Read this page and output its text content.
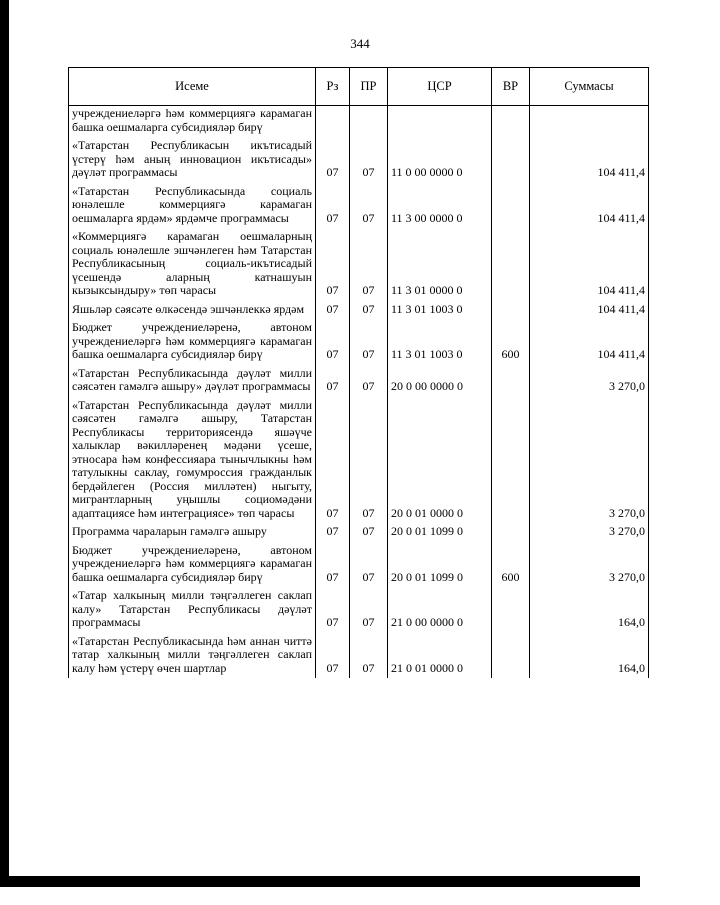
344
Исеме	Рз	ПР	ЦСР	ВР	Суммасы
учреждениеләргә һәм коммерциягә карамаган башка оешмаларга субсидияләр бирү					
«Татарстан Республикасын икътисадый үстерү һәм аның инновацион икътисады» дәүләт программасы	07	07	11 0 00 0000 0		104 411,4
«Татарстан Республикасында социаль юнәлешле коммерциягә карамаган оешмаларга ярдәм» ярдәмче программасы	07	07	11 3 00 0000 0		104 411,4
«Коммерциягә карамаган оешмаларның социаль юнәлешле эшчәнлеген һәм Татарстан Республикасының социаль-икътисадый үсешендә аларның катнашуын кызыксындыру» төп чарасы	07	07	11 3 01 0000 0		104 411,4
Яшьләр сәясәте өлкәсендә эшчәнлеккә ярдәм	07	07	11 3 01 1003 0		104 411,4
Бюджет учреждениеләренә, автоном учреждениеләргә һәм коммерциягә карамаган башка оешмаларга субсидияләр бирү	07	07	11 3 01 1003 0	600	104 411,4
«Татарстан Республикасында дәүләт милли сәясәтен гамәлгә ашыру» дәүләт программасы	07	07	20 0 00 0000 0		3 270,0
«Татарстан Республикасында дәүләт милли сәясәтен гамәлгә ашыру, Татарстан Республикасы территориясендә яшәүче халыклар вәкилләренең мәдәни үсеше, этносара һәм конфессияара тынычлыкны һәм татулыкны саклау, гомумроссия гражданлык бердәйлеген (Россия милләтен) ныгыту, мигрантларның уңышлы социомәдәни адаптациясе һәм интеграциясе» төп чарасы	07	07	20 0 01 0000 0		3 270,0
Программа чараларын гамәлгә ашыру	07	07	20 0 01 1099 0		3 270,0
Бюджет учреждениеләренә, автоном учреждениеләргә һәм коммерциягә карамаган башка оешмаларга субсидияләр бирү	07	07	20 0 01 1099 0	600	3 270,0
«Татар халкының милли тәңгәллеген саклап калу» Татарстан Республикасы дәүләт программасы	07	07	21 0 00 0000 0		164,0
«Татарстан Республикасында һәм аннан читтә татар халкының милли тәңгәллеген саклап калу һәм үстерү өчен шартлар	07	07	21 0 01 0000 0		164,0
